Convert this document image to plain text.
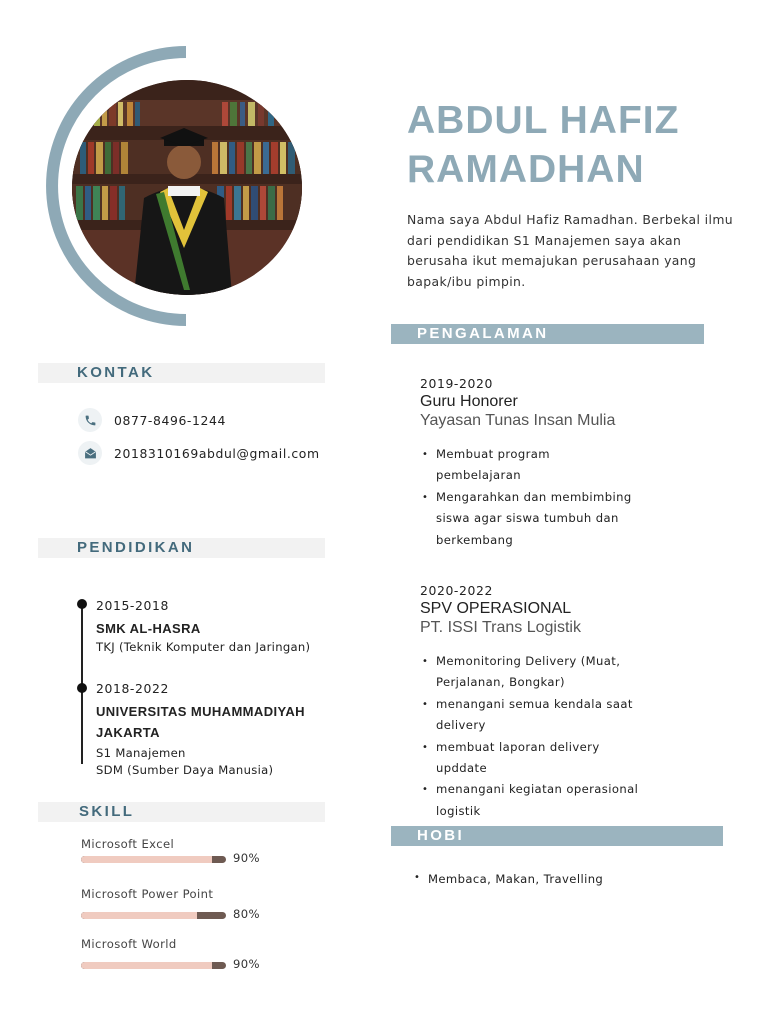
ABDUL HAFIZ
RAMADHAN

Nama saya Abdul Hafiz Ramadhan. Berbekal ilmu dari pendidikan S1 Manajemen saya akan berusaha ikut memajukan perusahaan yang bapak/ibu pimpin.

KONTAK
0877-8496-1244
2018310169abdul@gmail.com
PENDIDIKAN
2015-2018
SMK AL-HASRA
TKJ (Teknik Komputer dan Jaringan)
2018-2022
UNIVERSITAS MUHAMMADIYAH
JAKARTA
S1 Manajemen
SDM (Sumber Daya Manusia)
SKILL
Microsoft Excel
90%
Microsoft Power Point
80%
Microsoft World
90%
PENGALAMAN
2019-2020
Guru Honorer
Yayasan Tunas Insan Mulia
• Membuat program pembelajaran
• Mengarahkan dan membimbing siswa agar siswa tumbuh dan berkembang
2020-2022
SPV OPERASIONAL
PT. ISSI Trans Logistik
• Memonitoring Delivery (Muat, Perjalanan, Bongkar)
• menangani semua kendala saat delivery
• membuat laporan delivery upddate
• menangani kegiatan operasional logistik
HOBI
• Membaca, Makan, Travelling
